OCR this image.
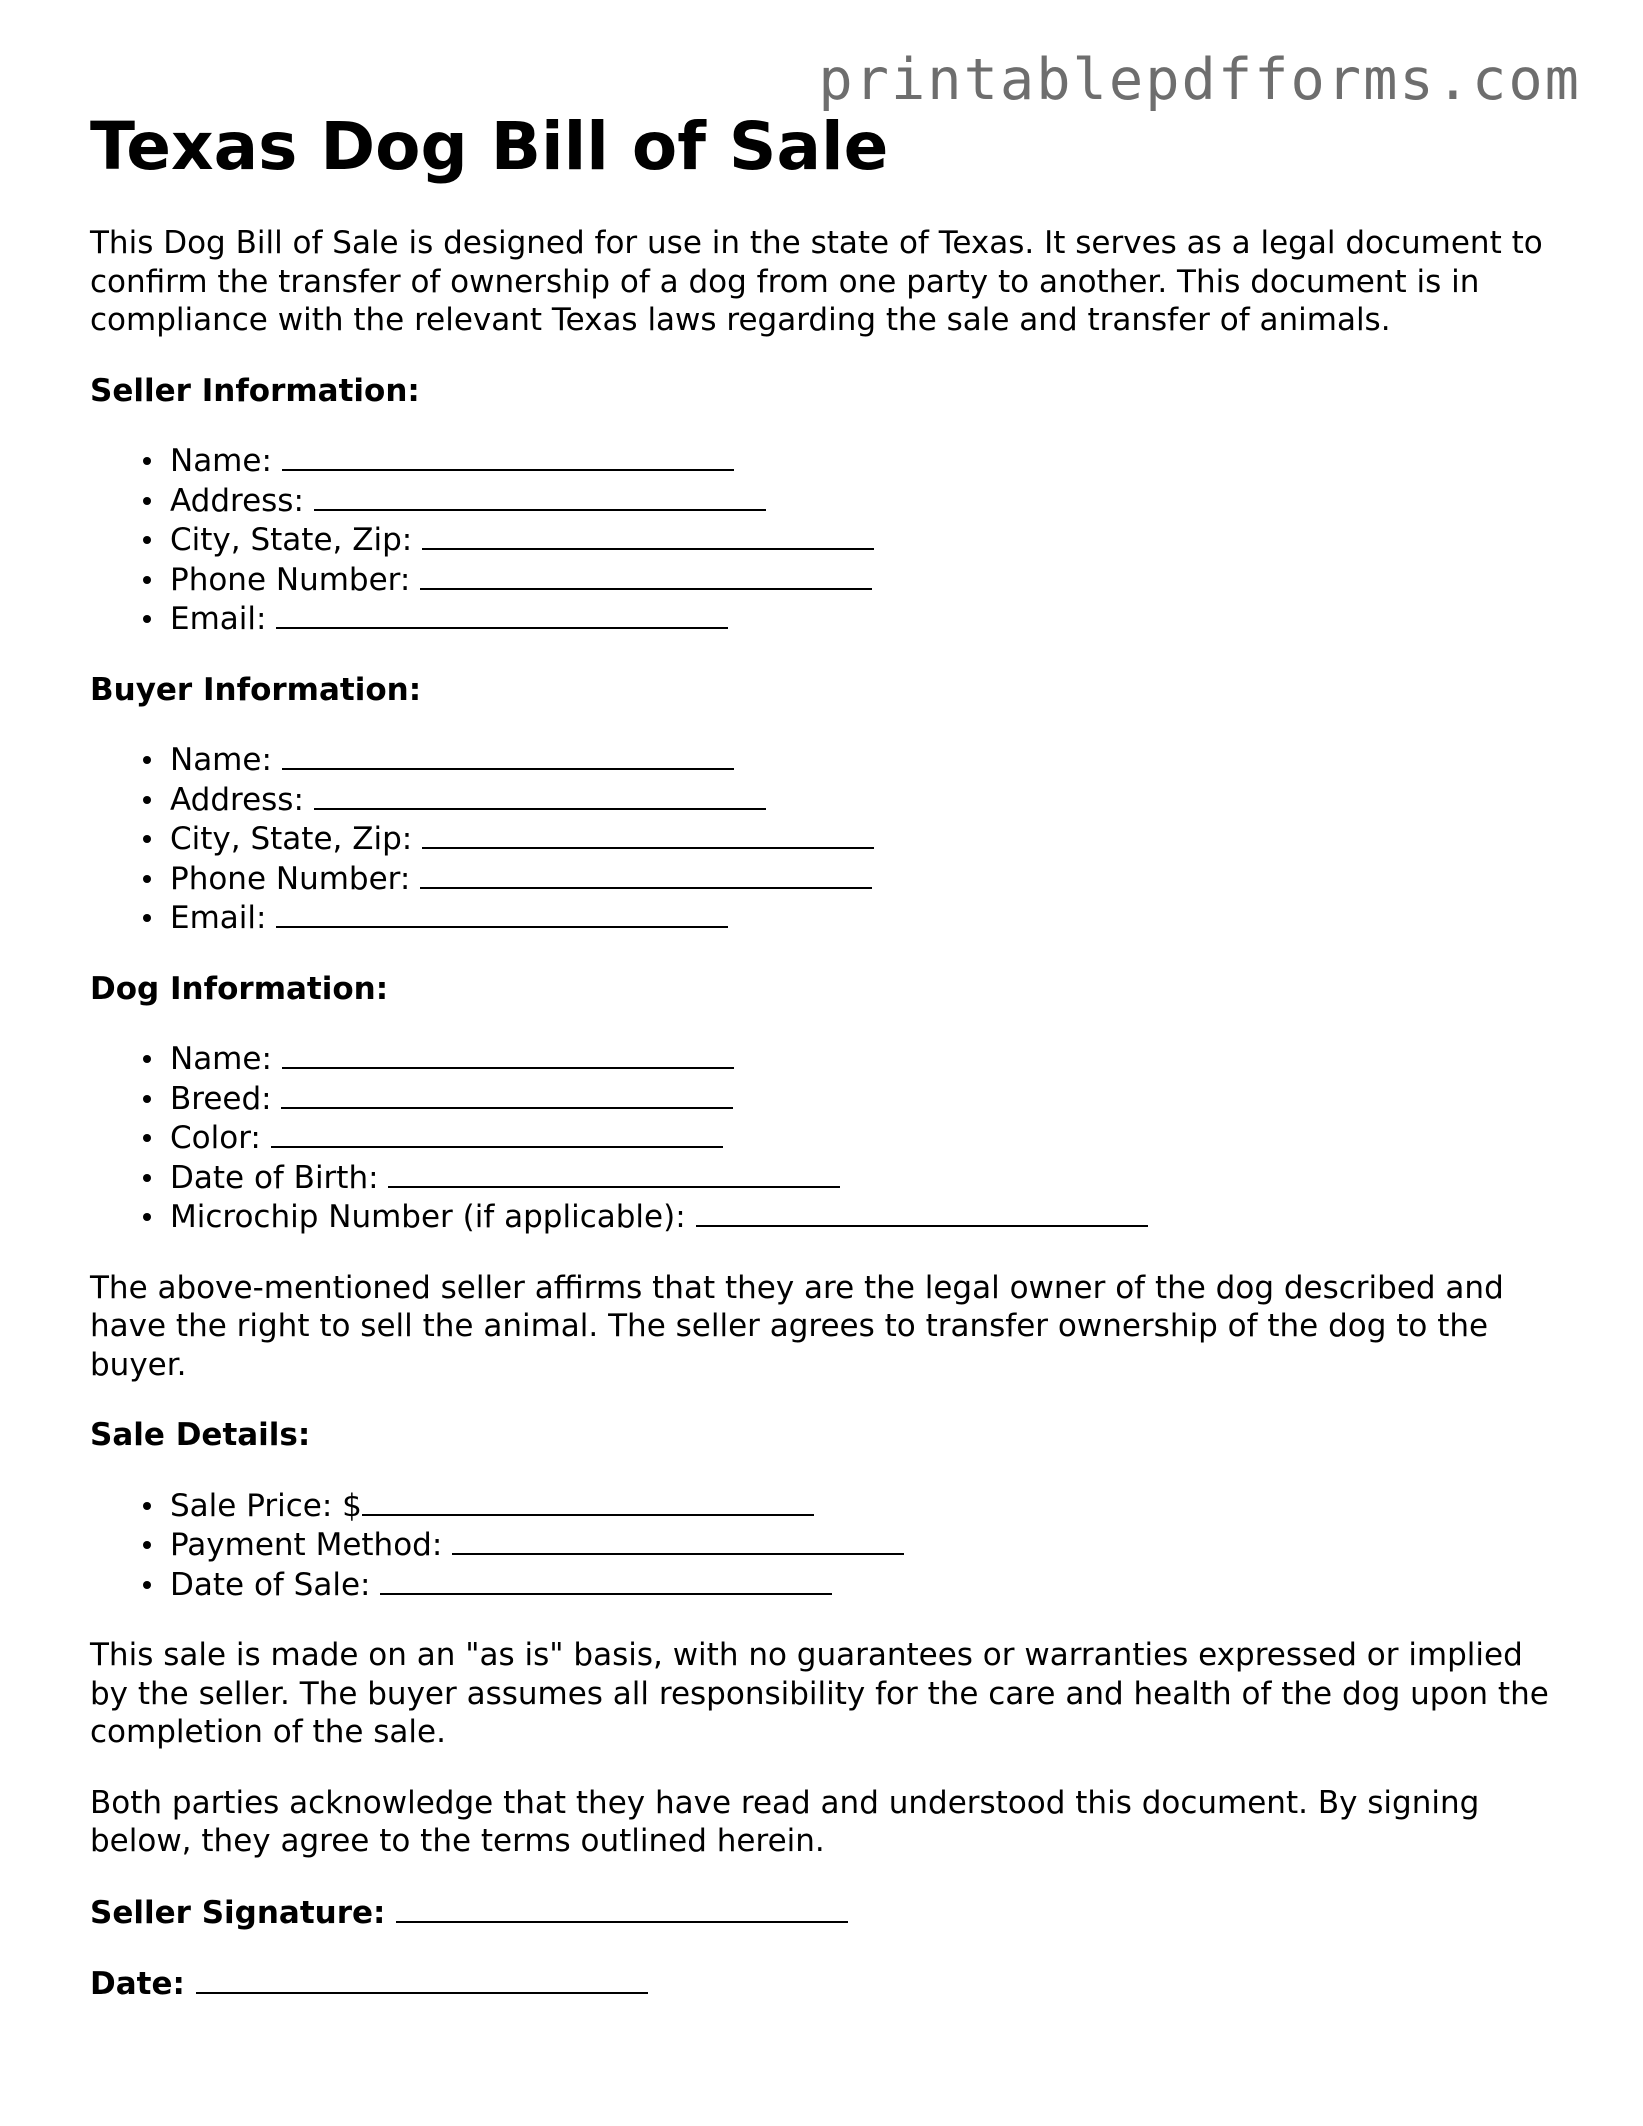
printablepdfforms.com
Texas Dog Bill of Sale

This Dog Bill of Sale is designed for use in the state of Texas. It serves as a legal document to confirm the transfer of ownership of a dog from one party to another. This document is in compliance with the relevant Texas laws regarding the sale and transfer of animals.

Seller Information:
Name:
Address:
City, State, Zip:
Phone Number:
Email:
Buyer Information:
Name:
Address:
City, State, Zip:
Phone Number:
Email:
Dog Information:
Name:
Breed:
Color:
Date of Birth:
Microchip Number (if applicable):

The above-mentioned seller affirms that they are the legal owner of the dog described and have the right to sell the animal. The seller agrees to transfer ownership of the dog to the buyer.

Sale Details:
Sale Price: $
Payment Method:
Date of Sale:

This sale is made on an "as is" basis, with no guarantees or warranties expressed or implied by the seller. The buyer assumes all responsibility for the care and health of the dog upon the completion of the sale.

Both parties acknowledge that they have read and understood this document. By signing below, they agree to the terms outlined herein.

Seller Signature:
Date:
